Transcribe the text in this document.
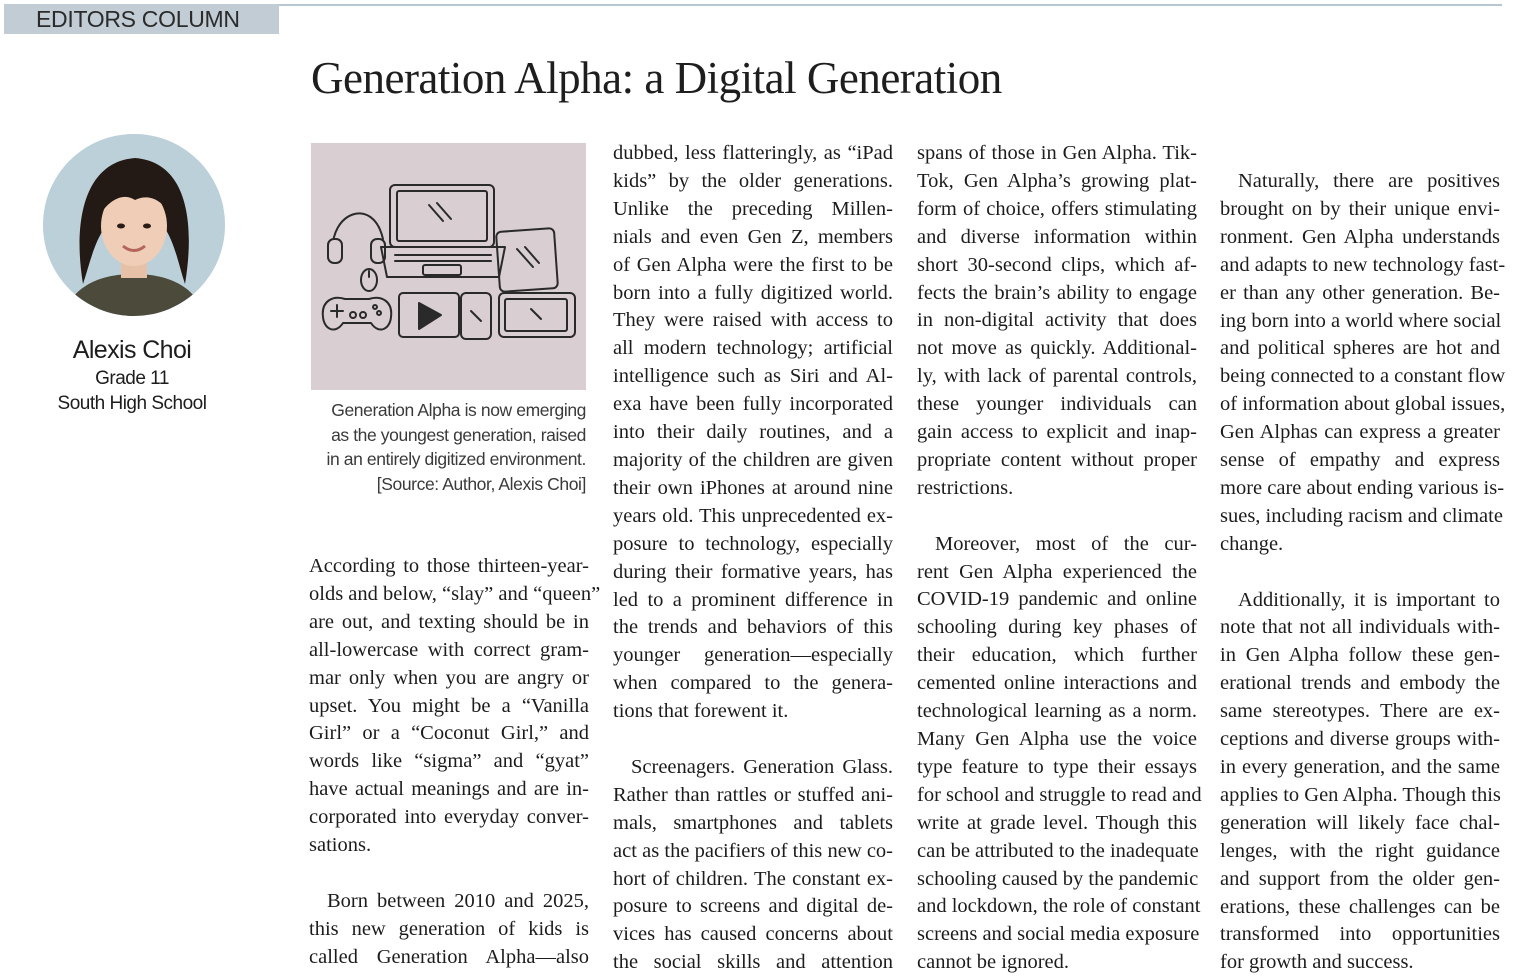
EDITORS COLUMN
Generation Alpha: a Digital Generation
Alexis Choi
Grade 11
South High School	Generation Alpha is now emerging
as the youngest generation, raised
in an entirely digitized environment.
[Source: Author, Alexis Choi]
According to those thirteen-year-
olds and below, “slay” and “queen”
are out, and texting should be in
all-lowercase with correct gram-
mar only when you are angry or
upset. You might be a “Vanilla
Girl” or a “Coconut Girl,” and
words like “sigma” and “gyat”
have actual meanings and are in-
corporated into everyday conver-
sations.
Born between 2010 and 2025,
this new generation of kids is
called Generation Alpha—also
dubbed, less flatteringly, as “iPad
kids” by the older generations.
Unlike the preceding Millen-
nials and even Gen Z, members
of Gen Alpha were the first to be
born into a fully digitized world.
They were raised with access to
all modern technology; artificial
intelligence such as Siri and Al-
exa have been fully incorporated
into their daily routines, and a
majority of the children are given
their own iPhones at around nine
years old. This unprecedented ex-
posure to technology, especially
during their formative years, has
led to a prominent difference in
the trends and behaviors of this
younger generation—especially
when compared to the genera-
tions that forewent it.
Screenagers. Generation Glass.
Rather than rattles or stuffed ani-
mals, smartphones and tablets
act as the pacifiers of this new co-
hort of children. The constant ex-
posure to screens and digital de-
vices has caused concerns about
the social skills and attention
spans of those in Gen Alpha. Tik-
Tok, Gen Alpha’s growing plat-
form of choice, offers stimulating
and diverse information within
short 30-second clips, which af-
fects the brain’s ability to engage
in non-digital activity that does
not move as quickly. Additional-
ly, with lack of parental controls,
these younger individuals can
gain access to explicit and inap-
propriate content without proper
restrictions.
Moreover, most of the cur-
rent Gen Alpha experienced the
COVID-19 pandemic and online
schooling during key phases of
their education, which further
cemented online interactions and
technological learning as a norm.
Many Gen Alpha use the voice
type feature to type their essays
for school and struggle to read and
write at grade level. Though this
can be attributed to the inadequate
schooling caused by the pandemic
and lockdown, the role of constant
screens and social media exposure
cannot be ignored.
Naturally, there are positives
brought on by their unique envi-
ronment. Gen Alpha understands
and adapts to new technology fast-
er than any other generation. Be-
ing born into a world where social
and political spheres are hot and
being connected to a constant flow
of information about global issues,
Gen Alphas can express a greater
sense of empathy and express
more care about ending various is-
sues, including racism and climate
change.
Additionally, it is important to
note that not all individuals with-
in Gen Alpha follow these gen-
erational trends and embody the
same stereotypes. There are ex-
ceptions and diverse groups with-
in every generation, and the same
applies to Gen Alpha. Though this
generation will likely face chal-
lenges, with the right guidance
and support from the older gen-
erations, these challenges can be
transformed into opportunities
for growth and success.
